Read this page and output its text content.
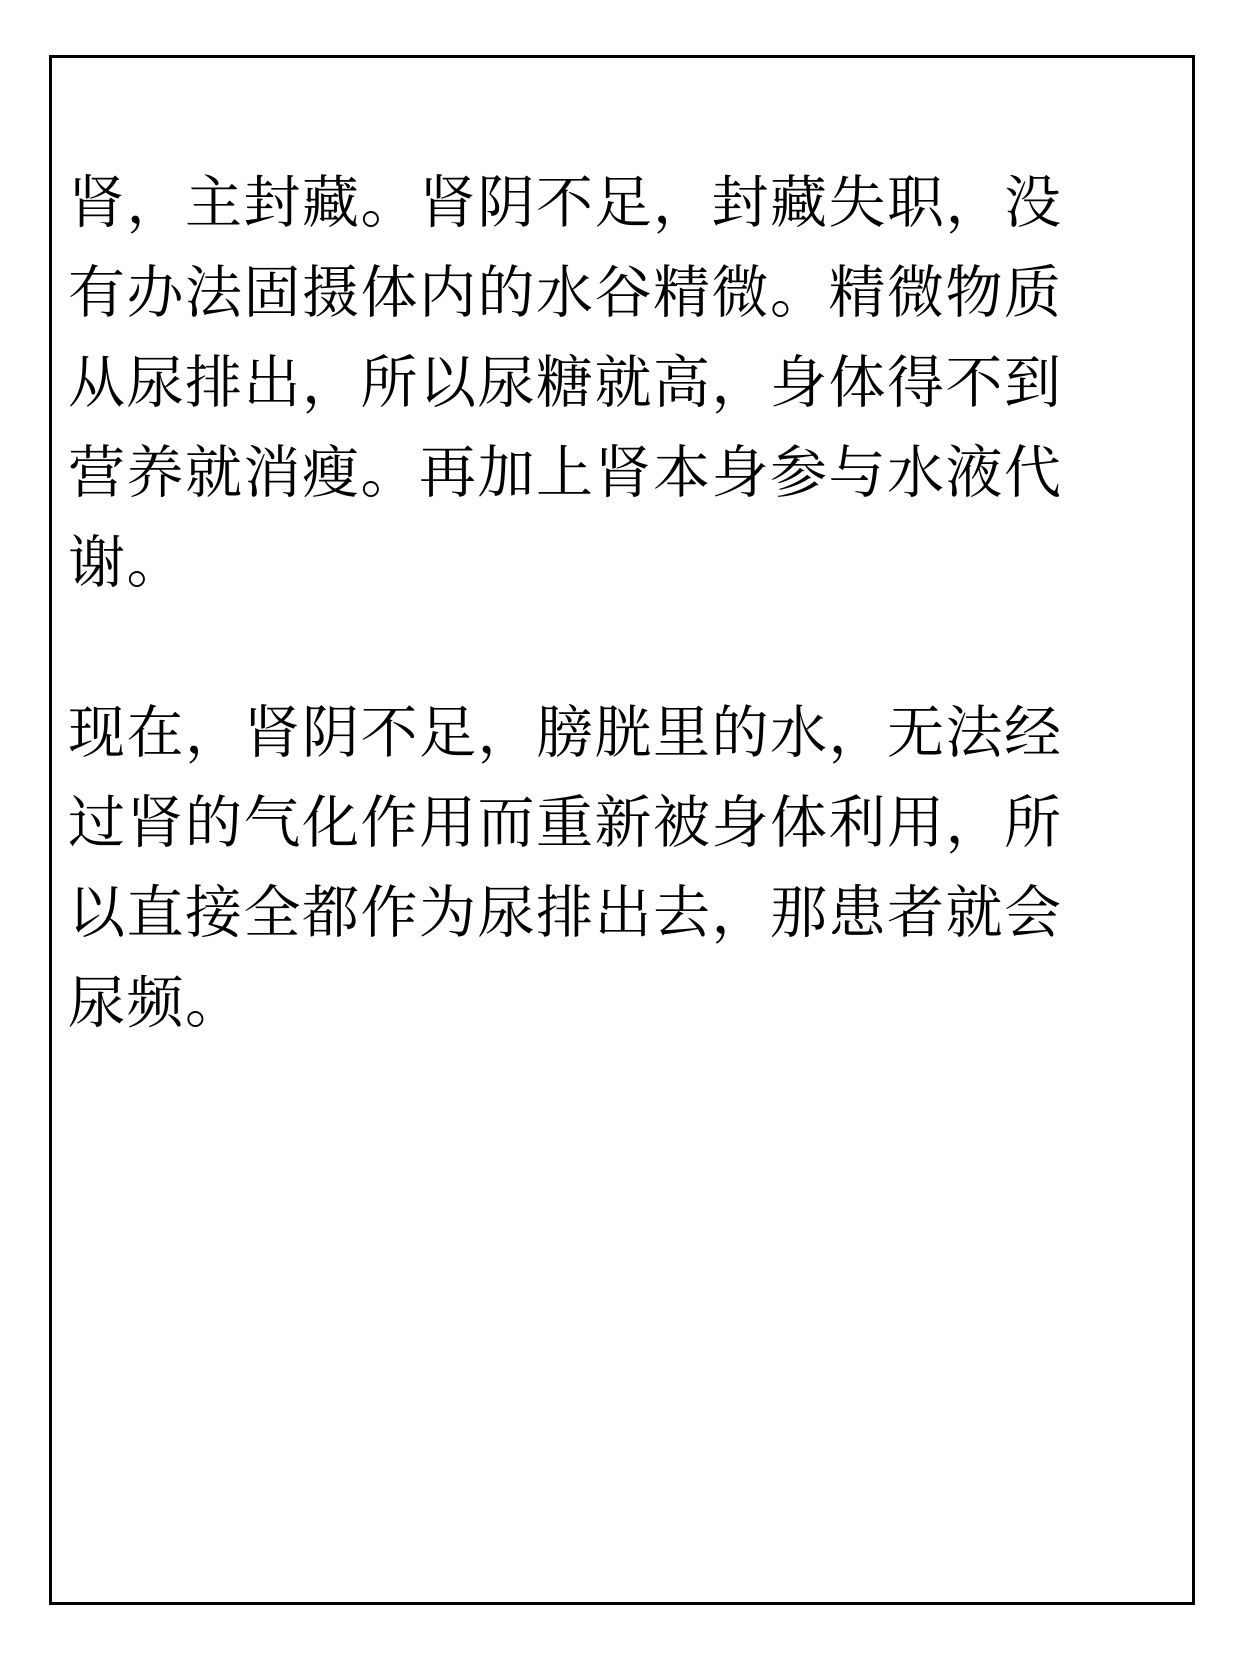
肾，主封藏。肾阴不足，封藏失职，没

有办法固摄体内的水谷精微。精微物质

从尿排出，所以尿糖就高，身体得不到

营养就消瘦。再加上肾本身参与水液代

谢。

现在，肾阴不足，膀胱里的水，无法经

过肾的气化作用而重新被身体利用，所

以直接全都作为尿排出去，那患者就会

尿频。
